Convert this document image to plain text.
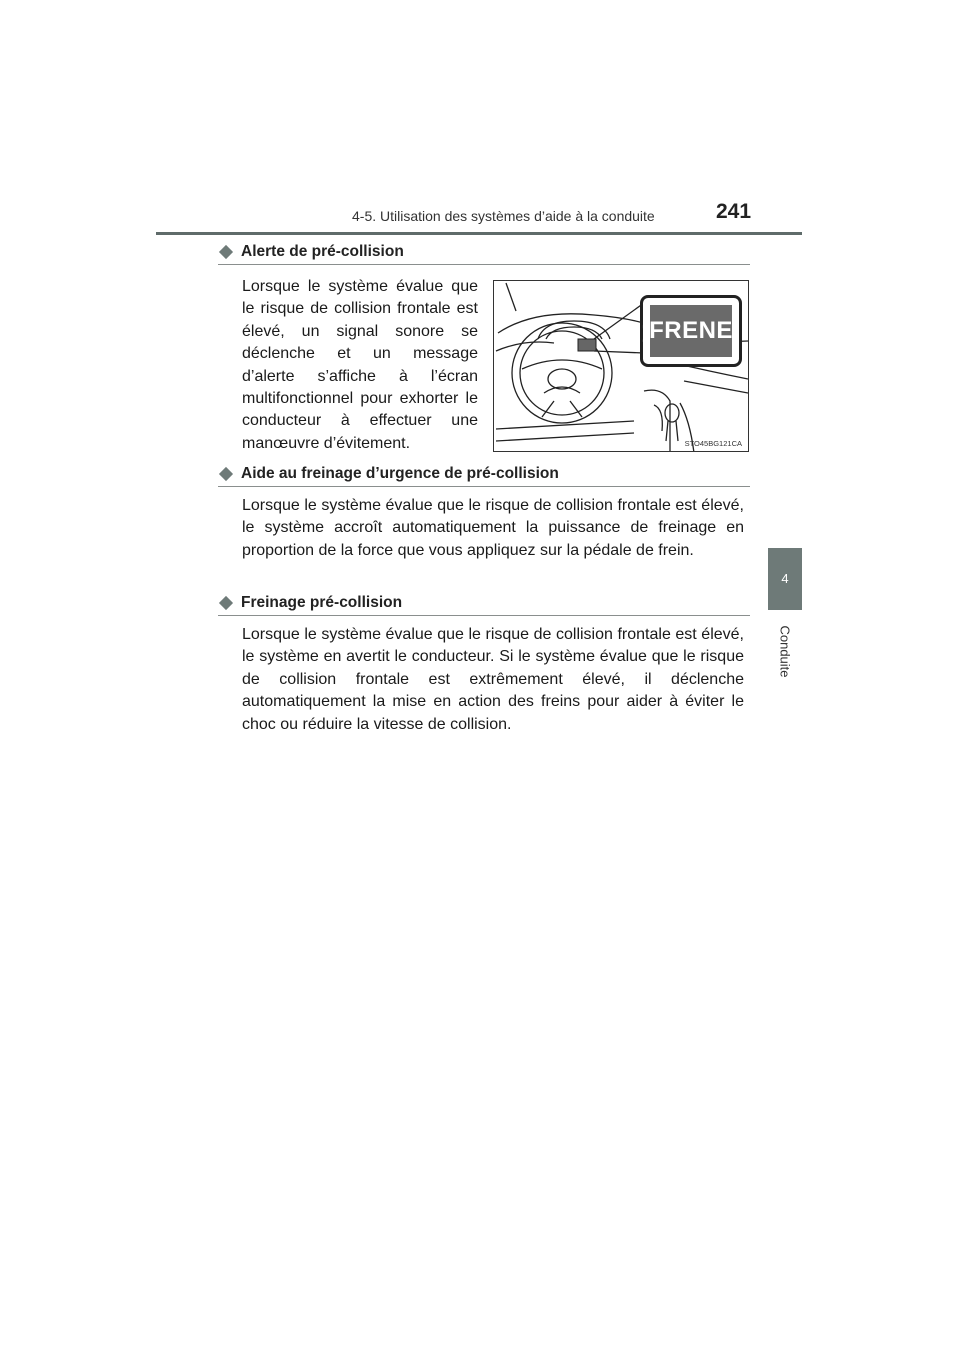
4-5. Utilisation des systèmes d’aide à la conduite	241
4
Conduite
Alerte de pré-collision
Lorsque le système évalue que le risque de collision frontale est élevé, un signal sonore se déclenche et un message d’alerte s’affiche à l’écran multifonctionnel pour exhorter le conducteur à effectuer une manœuvre d’évitement.
¡FRENE!
STO45BG121CA
Aide au freinage d’urgence de pré-collision
Lorsque le système évalue que le risque de collision frontale est élevé, le système accroît automatiquement la puissance de freinage en proportion de la force que vous appliquez sur la pédale de frein.
Freinage pré-collision
Lorsque le système évalue que le risque de collision frontale est élevé, le système en avertit le conducteur. Si le système évalue que le risque de collision frontale est extrêmement élevé, il déclenche automatiquement la mise en action des freins pour aider à éviter le choc ou réduire la vitesse de collision.
